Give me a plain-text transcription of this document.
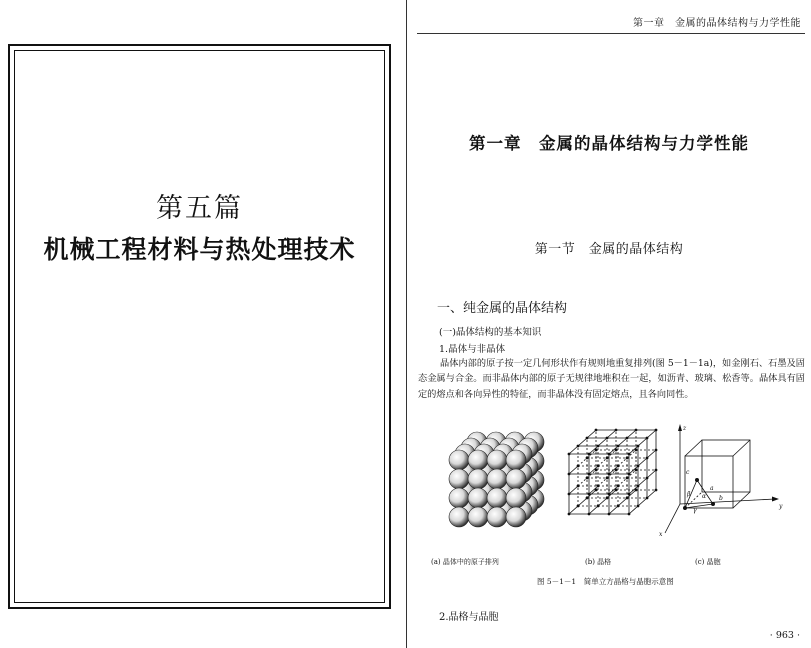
第五篇
机械工程材料与热处理技术
第一章　金属的晶体结构与力学性能
第一章　金属的晶体结构与力学性能
第一节　金属的晶体结构
一、纯金属的晶体结构
(一)晶体结构的基本知识
1.晶体与非晶体

晶体内部的原子按一定几何形状作有规则地重复排列(图 5－1－1a)，如金刚石、石墨及固态金属与合金。而非晶体内部的原子无规律地堆积在一起，如沥青、玻璃、松香等。晶体具有固定的熔点和各向异性的特征，而非晶体没有固定熔点，且各向同性。

z
y
x
a
b
c
α
β
γ
(a) 晶体中的原子排列	(b) 晶格	(c) 晶胞
图 5－1－1　简单立方晶格与晶胞示意图
2.晶格与晶胞
· 963 ·
